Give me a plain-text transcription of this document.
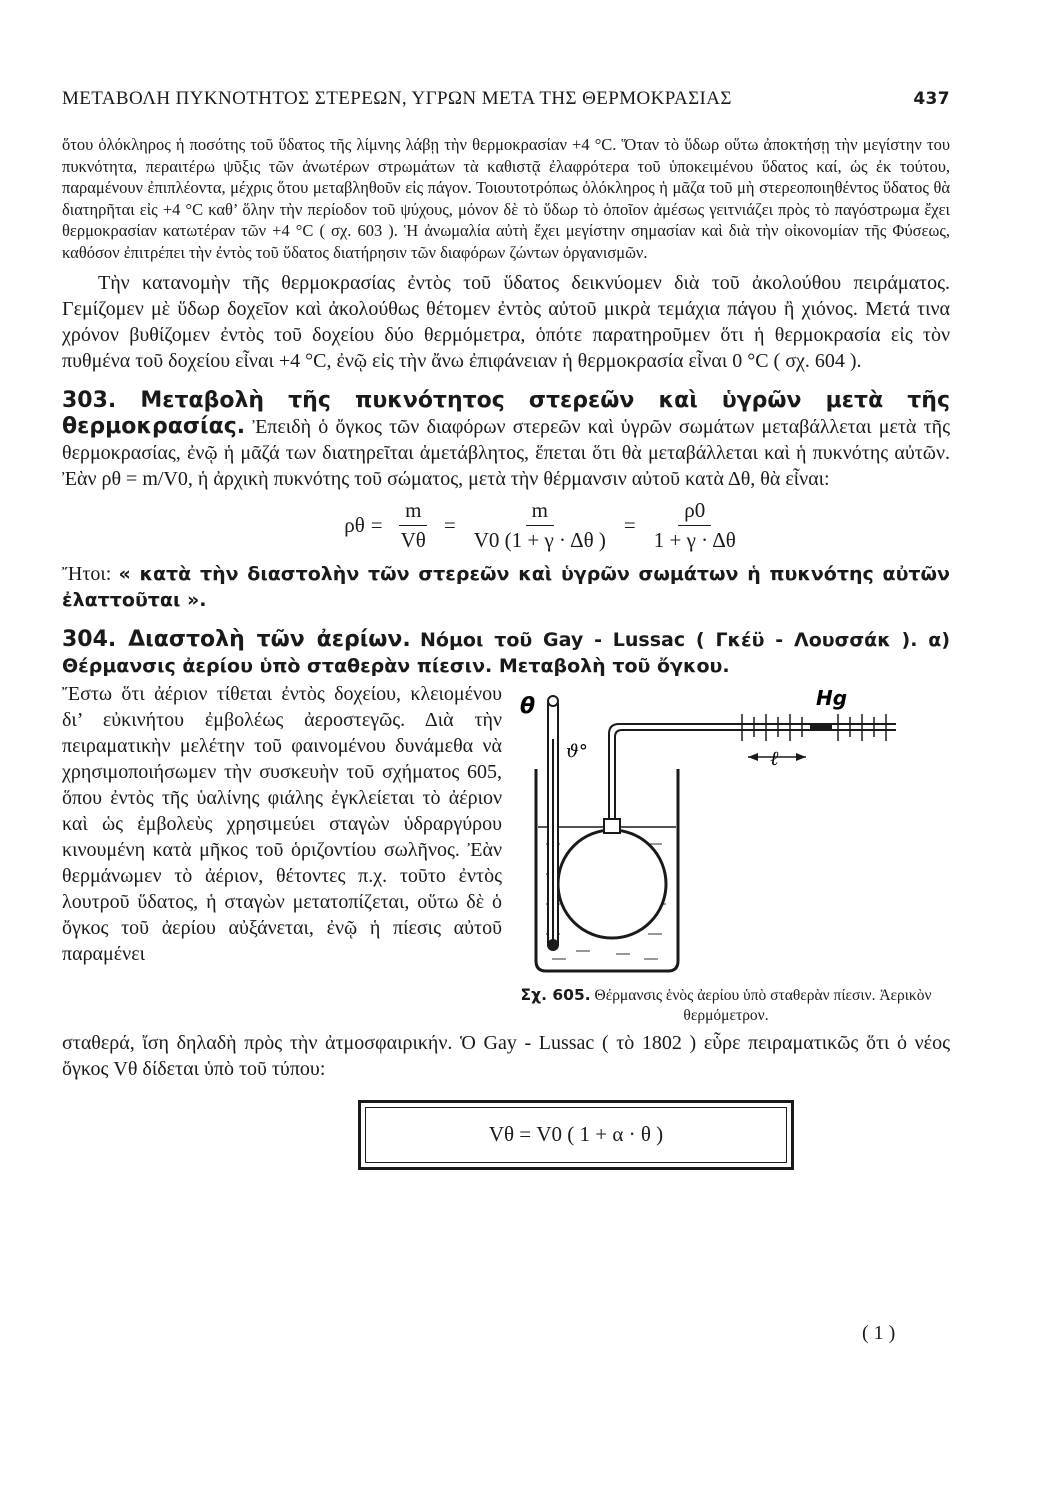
ΜΕΤΑΒΟΛΗ ΠΥΚΝΟΤΗΤΟΣ ΣΤΕΡΕΩΝ, ΥΓΡΩΝ ΜΕΤΑ ΤΗΣ ΘΕΡΜΟΚΡΑΣΙΑΣ	437
ὅτου ὁλόκληρος ἡ ποσότης τοῦ ὕδατος τῆς λίμνης λάβῃ τὴν θερμοκρασίαν +4 °C. Ὅταν τὸ ὕδωρ οὕτω ἀποκτήσῃ τὴν μεγίστην του πυκνότητα, περαιτέρω ψῦξις τῶν ἀνωτέρων στρωμάτων τὰ καθιστᾷ ἐλαφρότερα τοῦ ὑποκειμένου ὕδατος καί, ὡς ἐκ τούτου, παραμένουν ἐπιπλέοντα, μέχρις ὅτου μεταβληθοῦν εἰς πάγον. Τοιουτοτρόπως ὁλόκληρος ἡ μᾶζα τοῦ μὴ στερεοποιηθέντος ὕδατος θὰ διατηρῆται εἰς +4 °C καθ’ ὅλην τὴν περίοδον τοῦ ψύχους, μόνον δὲ τὸ ὕδωρ τὸ ὁποῖον ἀμέσως γειτνιάζει πρὸς τὸ παγόστρωμα ἔχει θερμοκρασίαν κατωτέραν τῶν +4 °C ( σχ. 603 ). Ἡ ἀνωμαλία αὐτὴ ἔχει μεγίστην σημασίαν καὶ διὰ τὴν οἰκονομίαν τῆς Φύσεως, καθόσον ἐπιτρέπει τὴν ἐντὸς τοῦ ὕδατος διατήρησιν τῶν διαφόρων ζώντων ὀργανισμῶν.

Τὴν κατανομὴν τῆς θερμοκρασίας ἐντὸς τοῦ ὕδατος δεικνύομεν διὰ τοῦ ἀκολούθου πειράματος. Γεμίζομεν μὲ ὕδωρ δοχεῖον καὶ ἀκολούθως θέτομεν ἐντὸς αὐτοῦ μικρὰ τεμάχια πάγου ἢ χιόνος. Μετά τινα χρόνον βυθίζομεν ἐντὸς τοῦ δοχείου δύο θερμόμετρα, ὁπότε παρατηροῦμεν ὅτι ἡ θερμοκρασία εἰς τὸν πυθμένα τοῦ δοχείου εἶναι +4 °C, ἐνῷ εἰς τὴν ἄνω ἐπιφάνειαν ἡ θερμοκρασία εἶναι 0 °C ( σχ. 604 ).

303. Μεταβολὴ τῆς πυκνότητος στερεῶν καὶ ὑγρῶν μετὰ τῆς θερμοκρασίας. Ἐπειδὴ ὁ ὄγκος τῶν διαφόρων στερεῶν καὶ ὑγρῶν σωμάτων μεταβάλλεται μετὰ τῆς θερμοκρασίας, ἐνῷ ἡ μᾶζά των διατηρεῖται ἀμετάβλητος, ἕπεται ὅτι θὰ μεταβάλλεται καὶ ἡ πυκνότης αὐτῶν. Ἐὰν ρθ = m/V0, ἡ ἀρχικὴ πυκνότης τοῦ σώματος, μετὰ τὴν θέρμανσιν αὐτοῦ κατὰ Δθ, θὰ εἶναι:

$\rho\theta = \frac{m}{V\theta} = \frac{m}{V0 (1 + \gamma \cdot \Delta\theta )} = \frac{\rho 0}{1 + \gamma \cdot \Delta\theta}$

Ἤτοι: « κατὰ τὴν διαστολὴν τῶν στερεῶν καὶ ὑγρῶν σωμάτων ἡ πυκνότης αὐτῶν ἐλαττοῦται ».

304. Διαστολὴ τῶν ἀερίων. Νόμοι τοῦ Gay - Lussac ( Γκέϋ - Λουσσάκ ). α) Θέρμανσις ἀερίου ὑπὸ σταθερὰν πίεσιν. Μεταβολὴ τοῦ ὄγκου.

Ἔστω ὅτι ἀέριον τίθεται ἐντὸς δοχείου, κλειομένου δι’ εὐκινήτου ἐμβολέως ἀεροστεγῶς. Διὰ τὴν πειραματικὴν μελέτην τοῦ φαινομένου δυνάμεθα νὰ χρησιμοποιήσωμεν τὴν συσκευὴν τοῦ σχήματος 605, ὅπου ἐντὸς τῆς ὑαλίνης φιάλης ἐγκλείεται τὸ ἀέριον καὶ ὡς ἐμβολεὺς χρησιμεύει σταγὼν ὑδραργύρου κινουμένη κατὰ μῆκος τοῦ ὁριζοντίου σωλῆνος. Ἐὰν θερμάνωμεν τὸ ἀέριον, θέτοντες π.χ. τοῦτο ἐντὸς λουτροῦ ὕδατος, ἡ σταγὼν μετατοπίζεται, οὕτω δὲ ὁ ὄγκος τοῦ ἀερίου αὐξάνεται, ἐνῷ ἡ πίεσις αὐτοῦ παραμένει

θ
ϑ°
Hg
ℓ
Σχ. 605. Θέρμανσις ἑνὸς ἀερίου ὑπὸ σταθερὰν πίεσιν. Ἀερικὸν θερμόμετρον.

σταθερά, ἴση δηλαδὴ πρὸς τὴν ἀτμοσφαιρικήν. Ὁ Gay - Lussac ( τὸ 1802 ) εὗρε πειραματικῶς ὅτι ὁ νέος ὄγκος Vθ δίδεται ὑπὸ τοῦ τύπου:

Vθ = V0 ( 1 + α · θ )
( 1 )
